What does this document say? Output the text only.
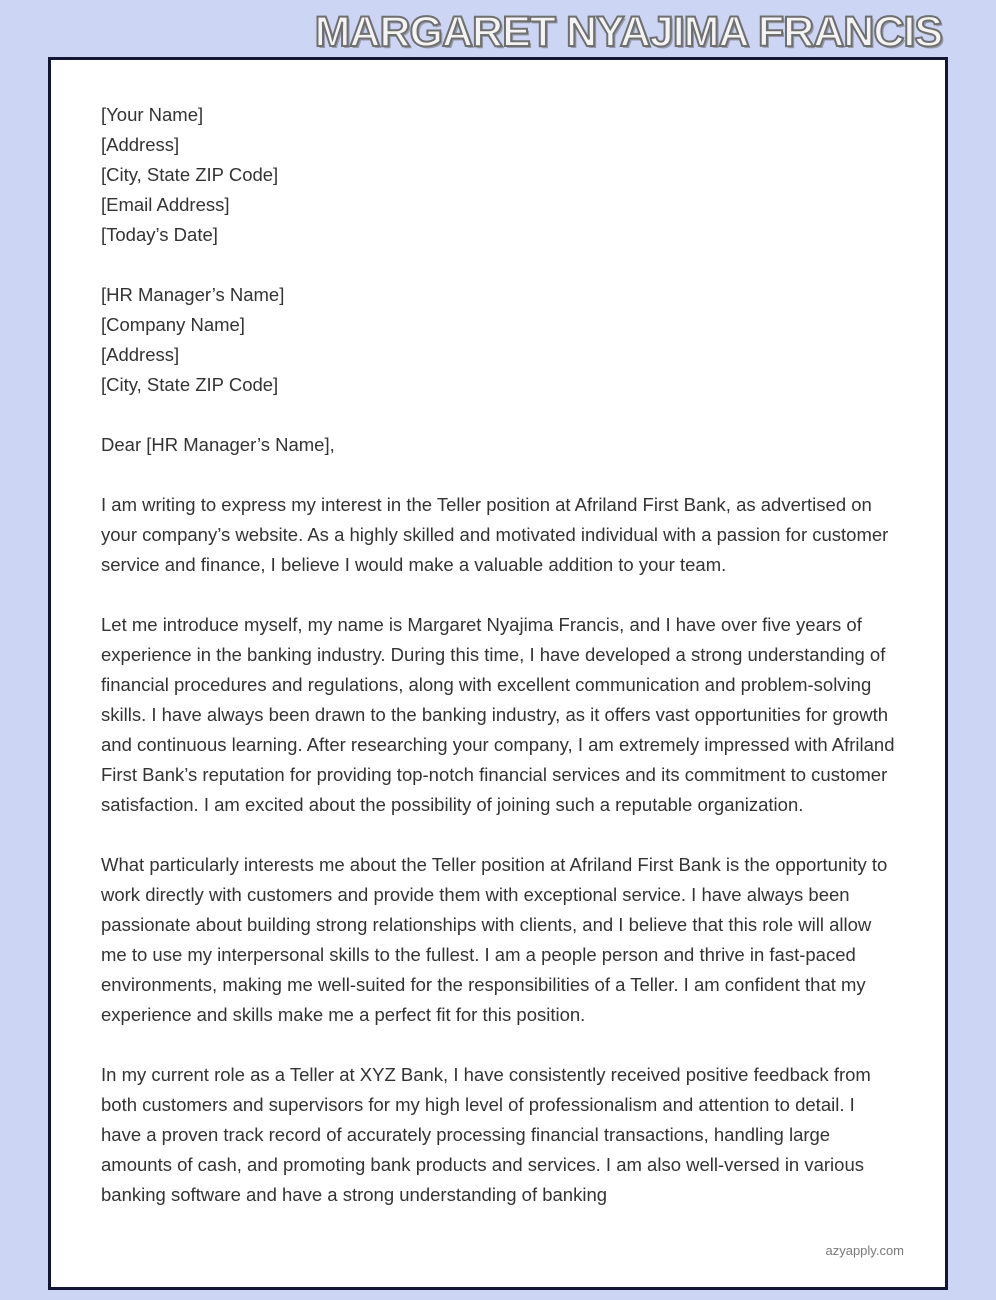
MARGARET NYAJIMA FRANCIS

[Your Name]

[Address]

[City, State ZIP Code]

[Email Address]

[Today’s Date]

[HR Manager’s Name]

[Company Name]

[Address]

[City, State ZIP Code]

Dear [HR Manager’s Name],

I am writing to express my interest in the Teller position at Afriland First Bank, as advertised on your company’s website. As a highly skilled and motivated individual with a passion for customer service and finance, I believe I would make a valuable addition to your team.

Let me introduce myself, my name is Margaret Nyajima Francis, and I have over five years of experience in the banking industry. During this time, I have developed a strong understanding of financial procedures and regulations, along with excellent communication and problem-solving skills. I have always been drawn to the banking industry, as it offers vast opportunities for growth and continuous learning. After researching your company, I am extremely impressed with Afriland First Bank’s reputation for providing top-notch financial services and its commitment to customer satisfaction. I am excited about the possibility of joining such a reputable organization.

What particularly interests me about the Teller position at Afriland First Bank is the opportunity to work directly with customers and provide them with exceptional service. I have always been passionate about building strong relationships with clients, and I believe that this role will allow me to use my interpersonal skills to the fullest. I am a people person and thrive in fast-paced environments, making me well-suited for the responsibilities of a Teller. I am confident that my experience and skills make me a perfect fit for this position.

In my current role as a Teller at XYZ Bank, I have consistently received positive feedback from both customers and supervisors for my high level of professionalism and attention to detail. I have a proven track record of accurately processing financial transactions, handling large amounts of cash, and promoting bank products and services. I am also well-versed in various banking software and have a strong understanding of banking

azyapply.com
